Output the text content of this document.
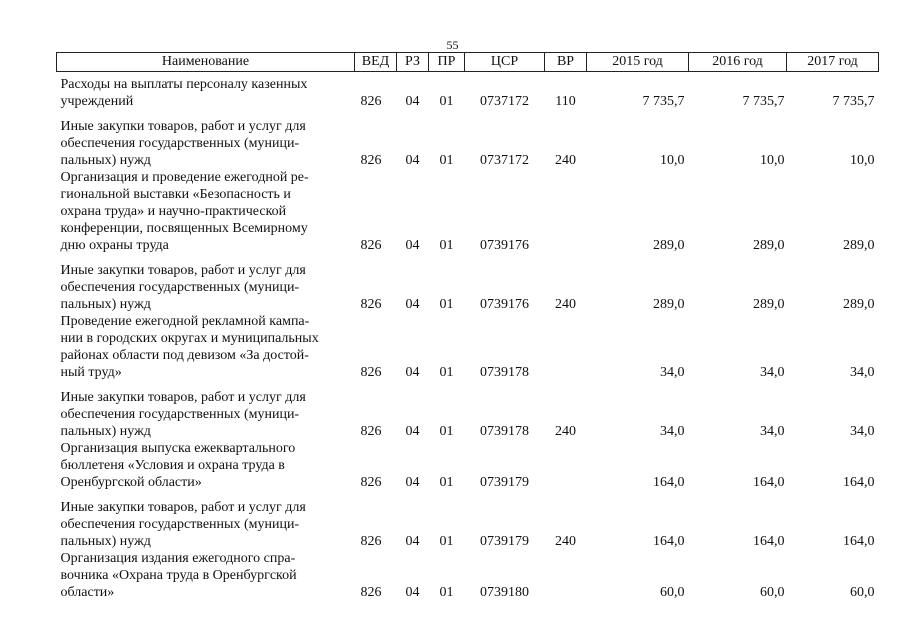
55
Наименование	ВЕД	РЗ	ПР	ЦСР	ВР	2015 год	2016 год	2017 год

Расходы на выплаты персоналу казенных
учреждений	826	04	01	0737172	110	7 735,7	7 735,7	7 735,7

Иные закупки товаров, работ и услуг для
обеспечения государственных (муници-
пальных) нужд	826	04	01	0737172	240	10,0	10,0	10,0

Организация и проведение ежегодной ре-
гиональной выставки «Безопасность и
охрана труда» и научно-практической
конференции, посвященных Всемирному
дню охраны труда	826	04	01	0739176		289,0	289,0	289,0

Иные закупки товаров, работ и услуг для
обеспечения государственных (муници-
пальных) нужд	826	04	01	0739176	240	289,0	289,0	289,0

Проведение ежегодной рекламной кампа-
нии в городских округах и муниципальных
районах области под девизом «За достой-
ный труд»	826	04	01	0739178		34,0	34,0	34,0

Иные закупки товаров, работ и услуг для
обеспечения государственных (муници-
пальных) нужд	826	04	01	0739178	240	34,0	34,0	34,0

Организация выпуска ежеквартального
бюллетеня «Условия и охрана труда в
Оренбургской области»	826	04	01	0739179		164,0	164,0	164,0

Иные закупки товаров, работ и услуг для
обеспечения государственных (муници-
пальных) нужд	826	04	01	0739179	240	164,0	164,0	164,0

Организация издания ежегодного спра-
вочника «Охрана труда в Оренбургской
области»	826	04	01	0739180		60,0	60,0	60,0
